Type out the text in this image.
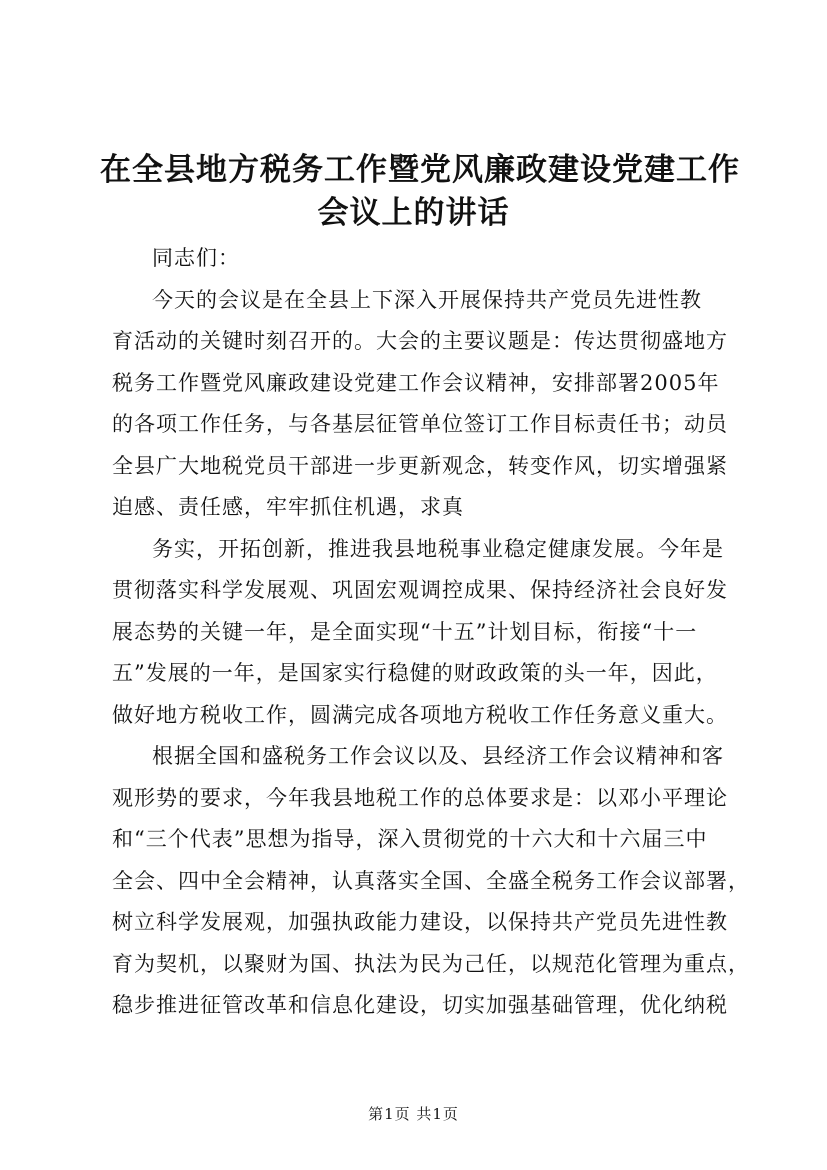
在全县地方税务工作暨党风廉政建设党建工作
会议上的讲话
同志们：
今天的会议是在全县上下深入开展保持共产党员先进性教
育活动的关键时刻召开的。大会的主要议题是：传达贯彻盛地方
税务工作暨党风廉政建设党建工作会议精神，安排部署2005年
的各项工作任务，与各基层征管单位签订工作目标责任书；动员
全县广大地税党员干部进一步更新观念，转变作风，切实增强紧
迫感、责任感，牢牢抓住机遇，求真
务实，开拓创新，推进我县地税事业稳定健康发展。今年是
贯彻落实科学发展观、巩固宏观调控成果、保持经济社会良好发
展态势的关键一年，是全面实现“十五”计划目标，衔接“十一
五”发展的一年，是国家实行稳健的财政政策的头一年，因此，
做好地方税收工作，圆满完成各项地方税收工作任务意义重大。
根据全国和盛税务工作会议以及、县经济工作会议精神和客
观形势的要求，今年我县地税工作的总体要求是：以邓小平理论
和“三个代表”思想为指导，深入贯彻党的十六大和十六届三中
全会、四中全会精神，认真落实全国、全盛全税务工作会议部署，
树立科学发展观，加强执政能力建设，以保持共产党员先进性教
育为契机，以聚财为国、执法为民为己任，以规范化管理为重点，
稳步推进征管改革和信息化建设，切实加强基础管理，优化纳税
第1页 共1页
